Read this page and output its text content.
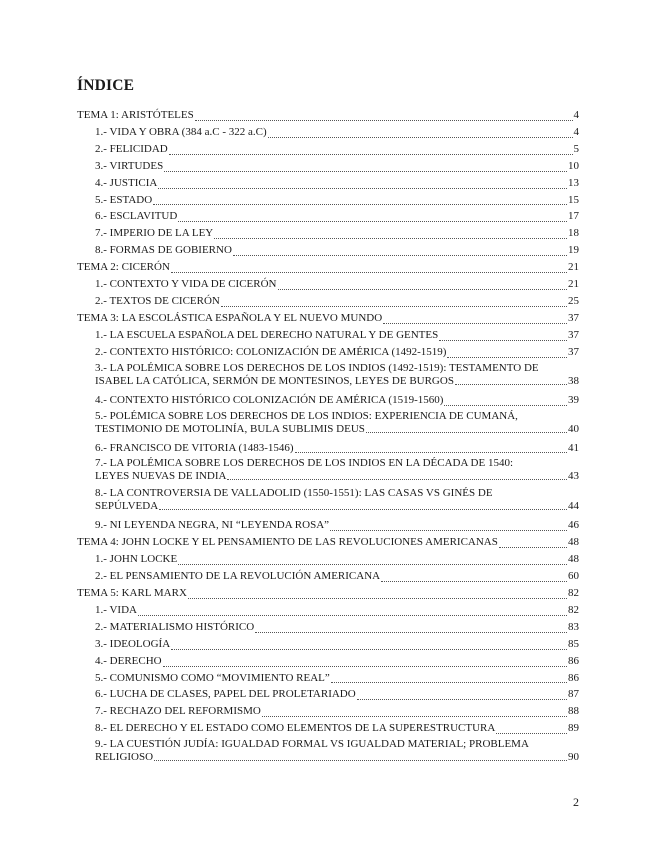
ÍNDICE
TEMA 1: ARISTÓTELES	4
1.- VIDA Y OBRA (384 a.C - 322 a.C)	4
2.- FELICIDAD	5
3.- VIRTUDES	10
4.- JUSTICIA	13
5.- ESTADO	15
6.- ESCLAVITUD	17
7.- IMPERIO DE LA LEY	18
8.- FORMAS DE GOBIERNO	19
TEMA 2: CICERÓN	21
1.- CONTEXTO Y VIDA DE CICERÓN	21
2.- TEXTOS DE CICERÓN	25
TEMA 3: LA ESCOLÁSTICA ESPAÑOLA Y EL NUEVO MUNDO	37
1.- LA ESCUELA ESPAÑOLA DEL DERECHO NATURAL Y DE GENTES	37
2.- CONTEXTO HISTÓRICO: COLONIZACIÓN DE AMÉRICA (1492-1519)	37
3.- LA POLÉMICA SOBRE LOS DERECHOS DE LOS INDIOS (1492-1519): TESTAMENTO DE
ISABEL LA CATÓLICA, SERMÓN DE MONTESINOS, LEYES DE BURGOS	38
4.- CONTEXTO HISTÓRICO COLONIZACIÓN DE AMÉRICA (1519-1560)	39
5.- POLÉMICA SOBRE LOS DERECHOS DE LOS INDIOS: EXPERIENCIA DE CUMANÁ,
TESTIMONIO DE MOTOLINÍA, BULA SUBLIMIS DEUS	40
6.- FRANCISCO DE VITORIA (1483-1546)	41
7.- LA POLÉMICA SOBRE LOS DERECHOS DE LOS INDIOS EN LA DÉCADA DE 1540:
LEYES NUEVAS DE INDIA	43
8.- LA CONTROVERSIA DE VALLADOLID (1550-1551): LAS CASAS VS GINÉS DE
SEPÚLVEDA	44
9.- NI LEYENDA NEGRA, NI “LEYENDA ROSA”	46
TEMA 4: JOHN LOCKE Y EL PENSAMIENTO DE LAS REVOLUCIONES AMERICANAS	48
1.- JOHN LOCKE	48
2.- EL PENSAMIENTO DE LA REVOLUCIÓN AMERICANA	60
TEMA 5: KARL MARX	82
1.- VIDA	82
2.- MATERIALISMO HISTÓRICO	83
3.- IDEOLOGÍA	85
4.- DERECHO	86
5.- COMUNISMO COMO “MOVIMIENTO REAL”	86
6.- LUCHA DE CLASES, PAPEL DEL PROLETARIADO	87
7.- RECHAZO DEL REFORMISMO	88
8.- EL DERECHO Y EL ESTADO COMO ELEMENTOS DE LA SUPERESTRUCTURA	89
9.- LA CUESTIÓN JUDÍA: IGUALDAD FORMAL VS IGUALDAD MATERIAL; PROBLEMA
RELIGIOSO	90
2
